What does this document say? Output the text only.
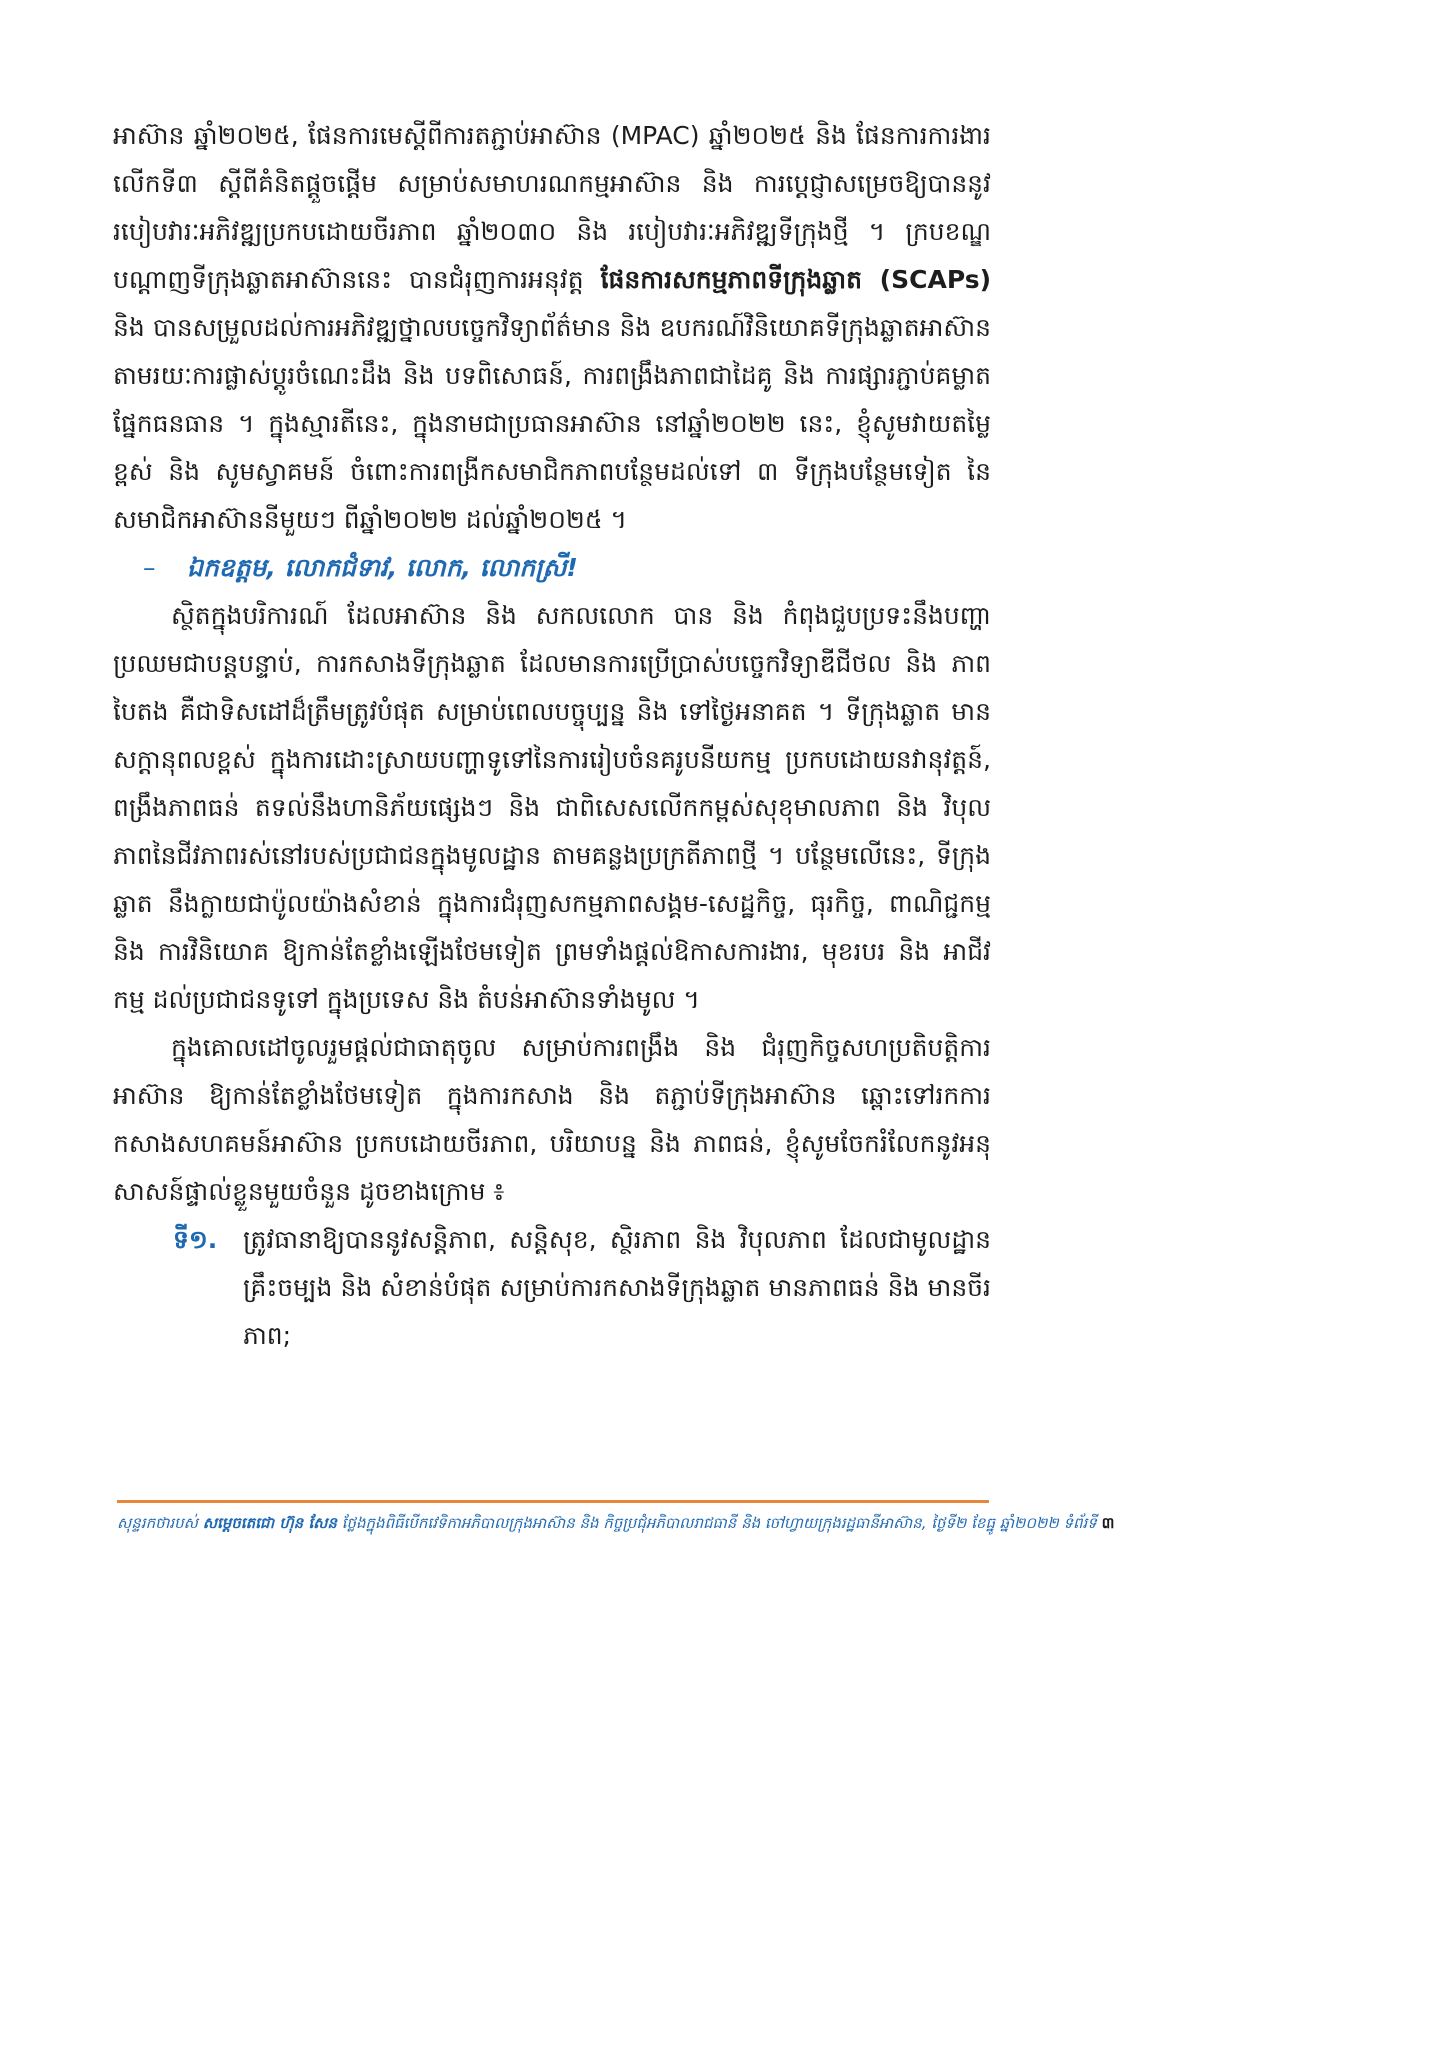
អាស៊ាន ឆ្នាំ២០២៥, ផែនការមេស្តីពីការតភ្ជាប់អាស៊ាន (MPAC) ឆ្នាំ២០២៥ និង ផែនការការងារលើកទី៣ ស្តីពីគំនិតផ្តួចផ្តើម សម្រាប់សមាហរណកម្មអាស៊ាន និង ការប្តេជ្ញាសម្រេចឱ្យបាននូវរបៀបវារៈអភិវឌ្ឍប្រកបដោយចីរភាព ឆ្នាំ២០៣០ និង របៀបវារៈអភិវឌ្ឍទីក្រុងថ្មី ។ ក្របខណ្ឌបណ្តាញទីក្រុងឆ្លាតអាស៊ាននេះ បានជំរុញការអនុវត្ត ផែនការសកម្មភាពទីក្រុងឆ្លាត (SCAPs) និង បានសម្រួលដល់ការអភិវឌ្ឍថ្នាលបច្ចេកវិទ្យាព័ត៌មាន និង ឧបករណ៍វិនិយោគទីក្រុងឆ្លាតអាស៊ាន តាមរយៈការផ្លាស់ប្តូរចំណេះដឹង និង បទពិសោធន៍, ការពង្រឹងភាពជាដៃគូ និង ការផ្សារភ្ជាប់គម្លាតផ្នែកធនធាន ។ ក្នុងស្មារតីនេះ, ក្នុងនាមជាប្រធានអាស៊ាន នៅឆ្នាំ២០២២ នេះ, ខ្ញុំសូមវាយតម្លៃខ្ពស់ និង សូមស្វាគមន៍ ចំពោះការពង្រីកសមាជិកភាពបន្ថែមដល់ទៅ ៣ ទីក្រុងបន្ថែមទៀត នៃសមាជិកអាស៊ាននីមួយៗ ពីឆ្នាំ២០២២ ដល់ឆ្នាំ២០២៥ ។

– ឯកឧត្តម, លោកជំទាវ, លោក, លោកស្រី!

ស្ថិតក្នុងបរិការណ៍ ដែលអាស៊ាន និង សកលលោក បាន និង កំពុងជួបប្រទះនឹងបញ្ហាប្រឈមជាបន្តបន្ទាប់, ការកសាងទីក្រុងឆ្លាត ដែលមានការប្រើប្រាស់បច្ចេកវិទ្យាឌីជីថល និង ភាពបៃតង គឺជាទិសដៅដ៏ត្រឹមត្រូវបំផុត សម្រាប់ពេលបច្ចុប្បន្ន និង ទៅថ្ងៃអនាគត ។ ទីក្រុងឆ្លាត មានសក្តានុពលខ្ពស់ ក្នុងការដោះស្រាយបញ្ហាទូទៅនៃការរៀបចំនគរូបនីយកម្ម ប្រកបដោយនវានុវត្តន៍, ពង្រឹងភាពធន់ តទល់នឹងហានិភ័យផ្សេងៗ និង ជាពិសេសលើកកម្ពស់សុខុមាលភាព និង វិបុលភាពនៃជីវភាពរស់នៅរបស់ប្រជាជនក្នុងមូលដ្ឋាន តាមគន្លងប្រក្រតីភាពថ្មី ។ បន្ថែមលើនេះ, ទីក្រុងឆ្លាត នឹងក្លាយជាប៉ូលយ៉ាងសំខាន់ ក្នុងការជំរុញសកម្មភាពសង្គម-សេដ្ឋកិច្ច, ធុរកិច្ច, ពាណិជ្ជកម្ម និង ការវិនិយោគ ឱ្យកាន់តែខ្លាំងឡើងថែមទៀត ព្រមទាំងផ្តល់ឱកាសការងារ, មុខរបរ និង អាជីវកម្ម ដល់ប្រជាជនទូទៅ ក្នុងប្រទេស និង តំបន់អាស៊ានទាំងមូល ។

ក្នុងគោលដៅចូលរួមផ្តល់ជាធាតុចូល សម្រាប់ការពង្រឹង និង ជំរុញកិច្ចសហប្រតិបត្តិការអាស៊ាន ឱ្យកាន់តែខ្លាំងថែមទៀត ក្នុងការកសាង និង តភ្ជាប់ទីក្រុងអាស៊ាន ឆ្ពោះទៅរកការកសាងសហគមន៍អាស៊ាន ប្រកបដោយចីរភាព, បរិយាបន្ន និង ភាពធន់, ខ្ញុំសូមចែករំលែកនូវអនុសាសន៍ផ្ទាល់ខ្លួនមួយចំនួន ដូចខាងក្រោម ៖

ទី១. ត្រូវធានាឱ្យបាននូវសន្តិភាព, សន្តិសុខ, ស្ថិរភាព និង វិបុលភាព ដែលជាមូលដ្ឋានគ្រឹះចម្បង និង សំខាន់បំផុត សម្រាប់ការកសាងទីក្រុងឆ្លាត មានភាពធន់ និង មានចីរភាព;

សុន្ទរកថារបស់ សម្តេចតេជោ ហ៊ុន សែន ថ្លែងក្នុងពិធីបើកវេទិកាអភិបាលក្រុងអាស៊ាន និង កិច្ចប្រជុំអភិបាលរាជធានី និង ចៅហ្វាយក្រុងរដ្ឋធានីអាស៊ាន, ថ្ងៃទី២ ខែធ្នូ ឆ្នាំ២០២២ ទំព័រទី ៣
